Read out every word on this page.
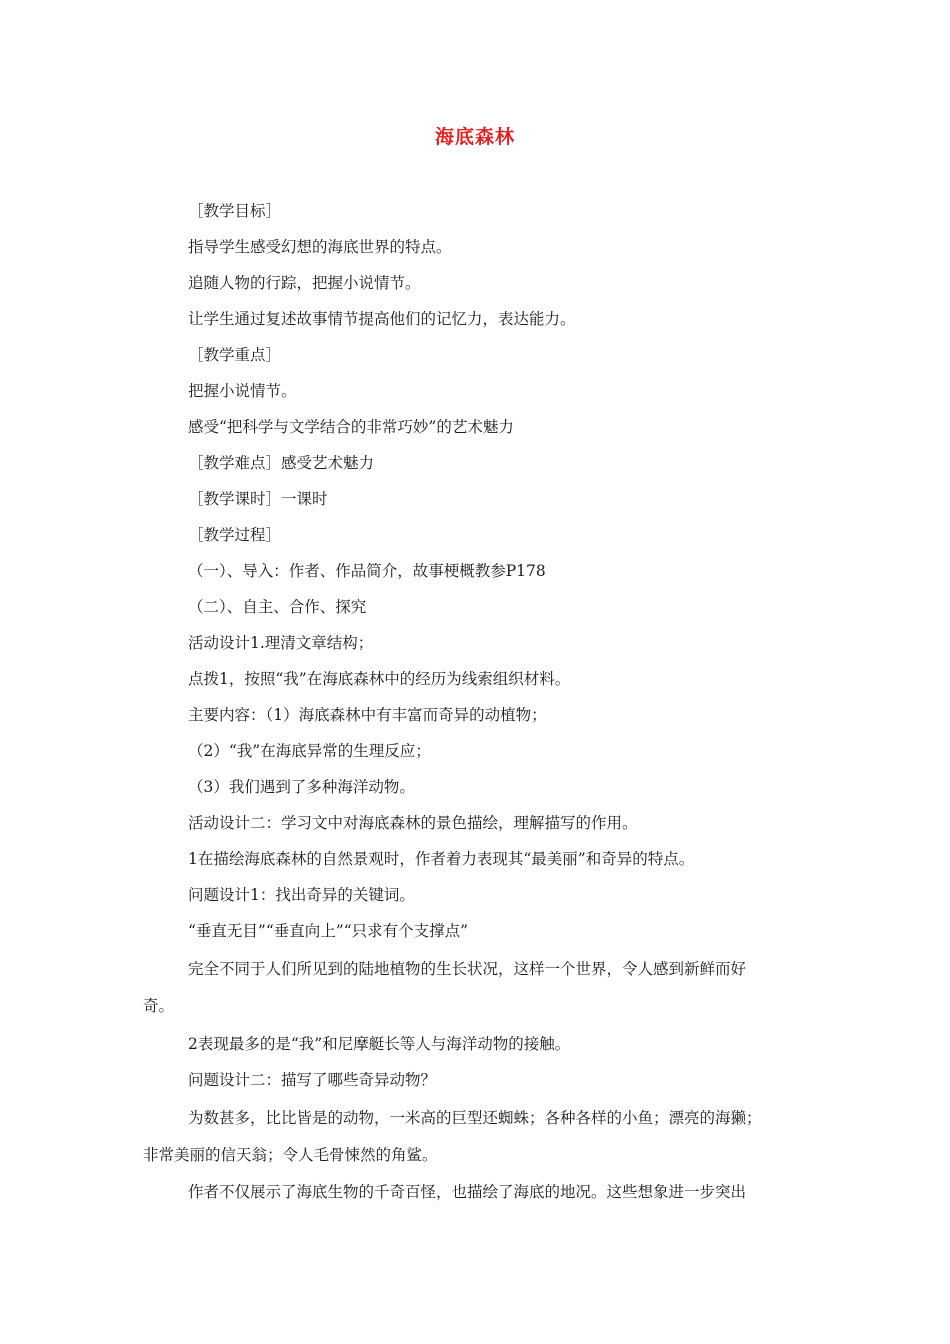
海底森林
［教学目标］
指导学生感受幻想的海底世界的特点。
追随人物的行踪，把握小说情节。
让学生通过复述故事情节提高他们的记忆力，表达能力。
［教学重点］
把握小说情节。
感受“把科学与文学结合的非常巧妙”的艺术魅力
［教学难点］感受艺术魅力
［教学课时］一课时
［教学过程］
（一）、导入：作者、作品简介，故事梗概教参P178
（二）、自主、合作、探究
活动设计1.理清文章结构；
点拨1，按照“我”在海底森林中的经历为线索组织材料。
主要内容：（1）海底森林中有丰富而奇异的动植物；
（2）“我”在海底异常的生理反应；
（3）我们遇到了多种海洋动物。
活动设计二：学习文中对海底森林的景色描绘，理解描写的作用。
1在描绘海底森林的自然景观时，作者着力表现其“最美丽”和奇异的特点。
问题设计1：找出奇异的关键词。
“垂直无目”“垂直向上”“只求有个支撑点”
完全不同于人们所见到的陆地植物的生长状况，这样一个世界，令人感到新鲜而好
奇。
2表现最多的是“我”和尼摩艇长等人与海洋动物的接触。
问题设计二：描写了哪些奇异动物？
为数甚多，比比皆是的动物，一米高的巨型还蜘蛛；各种各样的小鱼；漂亮的海獭；
非常美丽的信天翁；令人毛骨悚然的角鲨。
作者不仅展示了海底生物的千奇百怪，也描绘了海底的地况。这些想象进一步突出
